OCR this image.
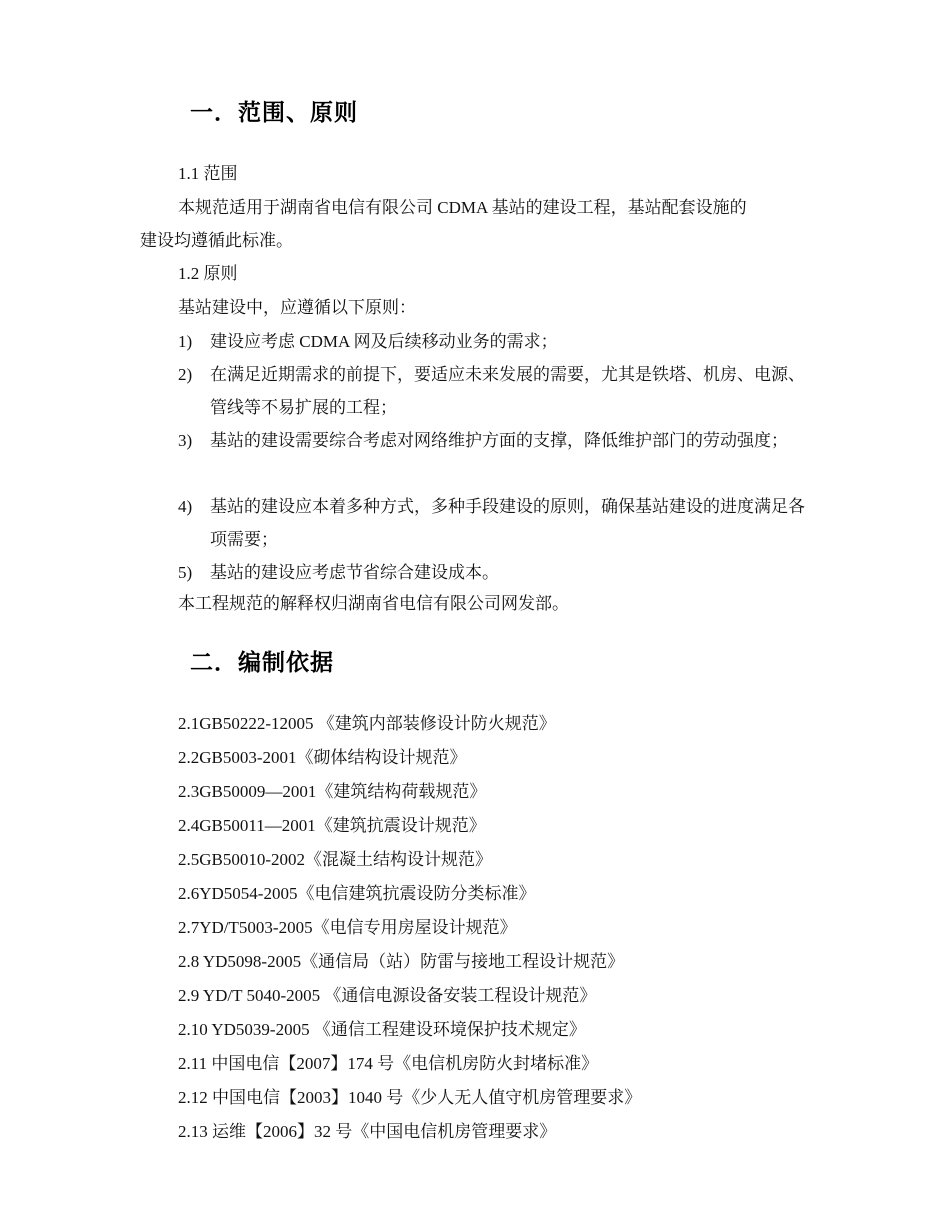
一．范围、原则
1.1 范围
本规范适用于湖南省电信有限公司 CDMA 基站的建设工程，基站配套设施的
建设均遵循此标准。
1.2 原则
基站建设中，应遵循以下原则：
1)	建设应考虑 CDMA 网及后续移动业务的需求；
2)	在满足近期需求的前提下，要适应未来发展的需要，尤其是铁塔、机房、电源、管线等不易扩展的工程；
3)	基站的建设需要综合考虑对网络维护方面的支撑，降低维护部门的劳动强度；
4)	基站的建设应本着多种方式，多种手段建设的原则，确保基站建设的进度满足各项需要；
5)	基站的建设应考虑节省综合建设成本。
本工程规范的解释权归湖南省电信有限公司网发部。
二．编制依据
2.1GB50222-12005 《建筑内部装修设计防火规范》
2.2GB5003-2001《砌体结构设计规范》
2.3GB50009—2001《建筑结构荷载规范》
2.4GB50011—2001《建筑抗震设计规范》
2.5GB50010-2002《混凝土结构设计规范》
2.6YD5054-2005《电信建筑抗震设防分类标准》
2.7YD/T5003-2005《电信专用房屋设计规范》
2.8 YD5098-2005《通信局（站）防雷与接地工程设计规范》
2.9 YD/T 5040-2005 《通信电源设备安装工程设计规范》
2.10 YD5039-2005 《通信工程建设环境保护技术规定》
2.11 中国电信【2007】174 号《电信机房防火封堵标准》
2.12 中国电信【2003】1040 号《少人无人值守机房管理要求》
2.13 运维【2006】32 号《中国电信机房管理要求》
